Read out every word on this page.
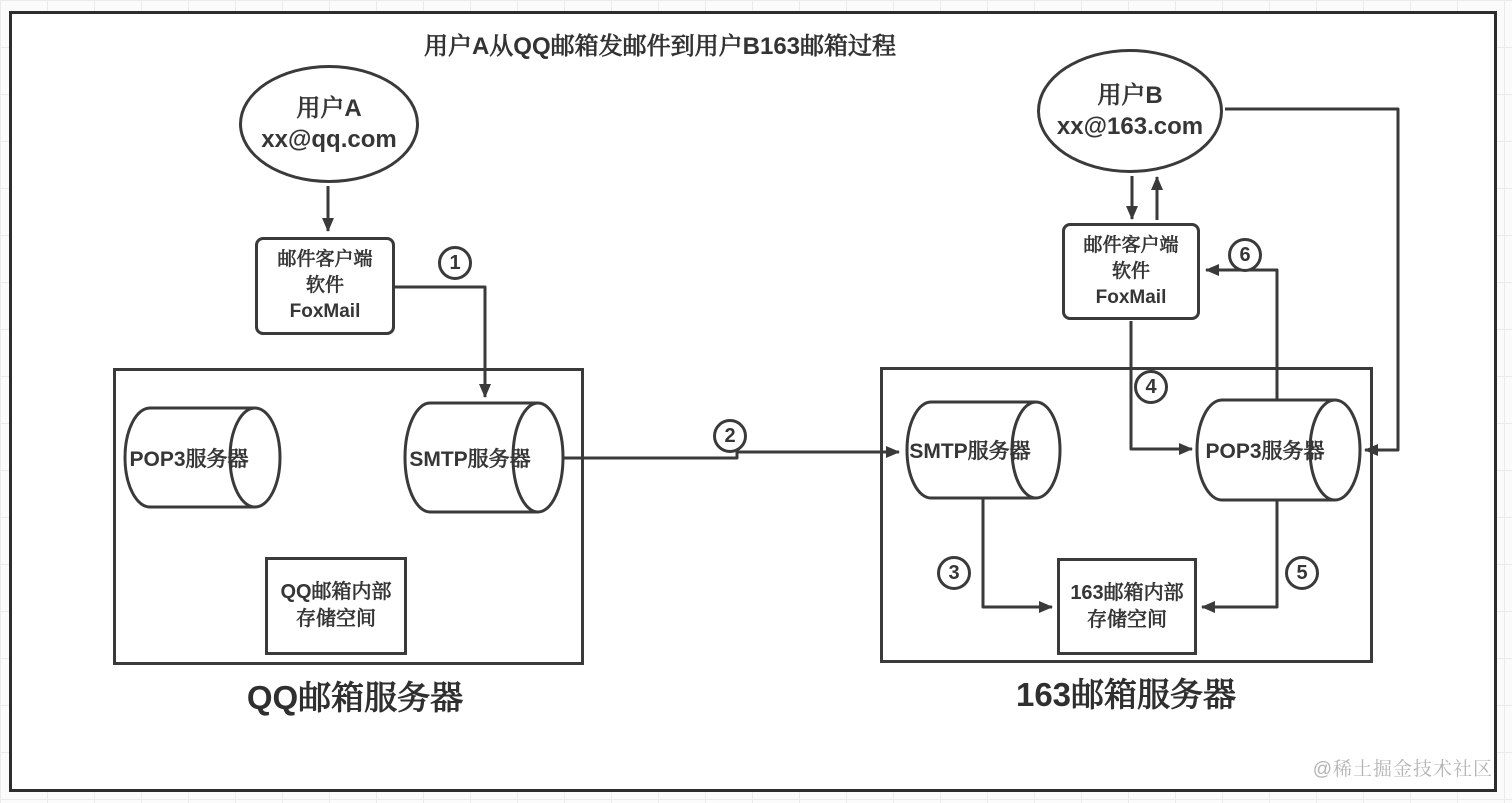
用户A从QQ邮箱发邮件到用户B163邮箱过程
用户A
xx@qq.com
用户B
xx@163.com
邮件客户端
软件
FoxMail
邮件客户端
软件
FoxMail
POP3服务器	SMTP服务器	SMTP服务器	POP3服务器
QQ邮箱内部
存储空间
163邮箱内部
存储空间
QQ邮箱服务器	163邮箱服务器
1
2
3
4
5
6
@稀土掘金技术社区
